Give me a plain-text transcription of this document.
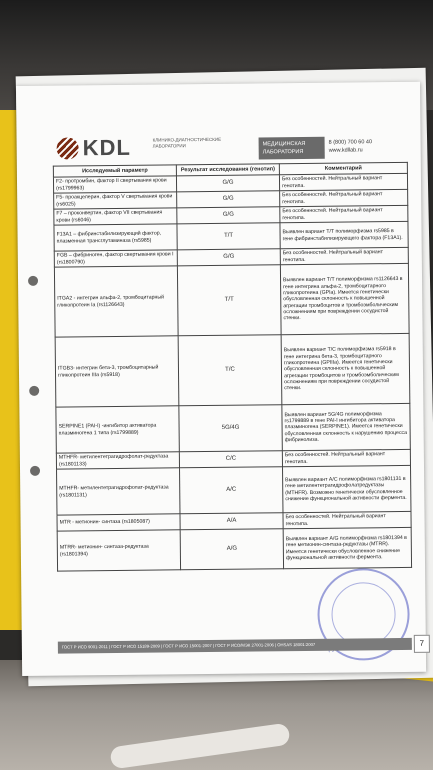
KDL	КЛИНИКО-ДИАГНОСТИЧЕСКИЕ ЛАБОРАТОРИИ	МЕДИЦИНСКАЯ ЛАБОРАТОРИЯ
8 (800) 700 60 40
www.kdllab.ru
Исследуемый параметр	Результат исследования (генотип)	Комментарий
F2- протромбин, фактор II свертывания крови (rs1799963)	G/G	Без особенностей. Нейтральный вариант генотипа.
F5- проакцелерин, фактор V свертывания крови (rs6025)	G/G	Без особенностей. Нейтральный вариант генотипа.
F7 – проконвертин, фактор VII свертывания крови (rs6046)	G/G	Без особенностей. Нейтральный вариант генотипа.
F13A1 – фибринстабилизирующий фактор, плазменная трансглутаминаза (rs5985)	T/T	Выявлен вариант T/T полиморфизма rs5985 в гене фибринстабилизирующего фактора (F13A1).
FGB – фибриноген, фактор свертывания крови I (rs1800790)	G/G	Без особенностей. Нейтральный вариант генотипа.
ITGA2 - интегрин альфа-2, тромбоцитарный гликопротеин Ia (rs1126643)	T/T	Выявлен вариант T/T полиморфизма rs1126643 в гене интегрина альфа-2, тромбоцитарного гликопротеина (GPIa). Имеется генетически обусловленная склонность к повышенной агрегации тромбоцитов и тромбоэмболическим осложнениям при повреждении сосудистой стенки.
ITGB3- интегрин бета-3, тромбоцитарный гликопротеин IIIa (rs5918)	T/C	Выявлен вариант T/C полиморфизма rs5918 в гене интегрина бета-3, тромбоцитарного гликопротеина (GPIIIa). Имеется генетически обусловленная склонность к повышенной агрегации тромбоцитов и тромбоэмболическим осложнениям при повреждении сосудистой стенки.
SERPINE1 (PAI-I) -ингибитор активатора плазминогена 1 типа (rs1799889)	5G/4G	Выявлен вариант 5G/4G полиморфизма rs1799889 в гене PAI-I ингибитора активатора плазминогена (SERPINE1). Имеется генетически обусловленная склонность к нарушению процесса фибринолиза.
MTHFR- метилентетрагидрофолат-редуктаза (rs1801133)	C/C	Без особенностей. Нейтральный вариант генотипа.
MTHFR- метилентетрагидрофолат-редуктаза (rs1801131)	A/C	Выявлен вариант A/C полиморфизма rs1801131 в гене метилентетрагидрофолатредуктазы (MTHFR). Возможно генетически обусловленное снижение функциональной активности фермента.
MTR - метионин- синтаза (rs1805087)	A/A	Без особенностей. Нейтральный вариант генотипа.
MTRR- метионин- синтаза-редуктаза (rs1801394)	A/G	Выявлен вариант A/G полиморфизма rs1801394 в гене метионин-синтаза-редуктазы (MTRR). Имеется генетически обусловленное снижение функциональной активности фермента.
ГОСТ Р ИСО 9001-2011 | ГОСТ Р ИСО 15189-2009 | ГОСТ Р ИСО 15001-2007 | ГОСТ Р ИСО/МЭК 27001-2006 | OHSAS 18001:2007	7
